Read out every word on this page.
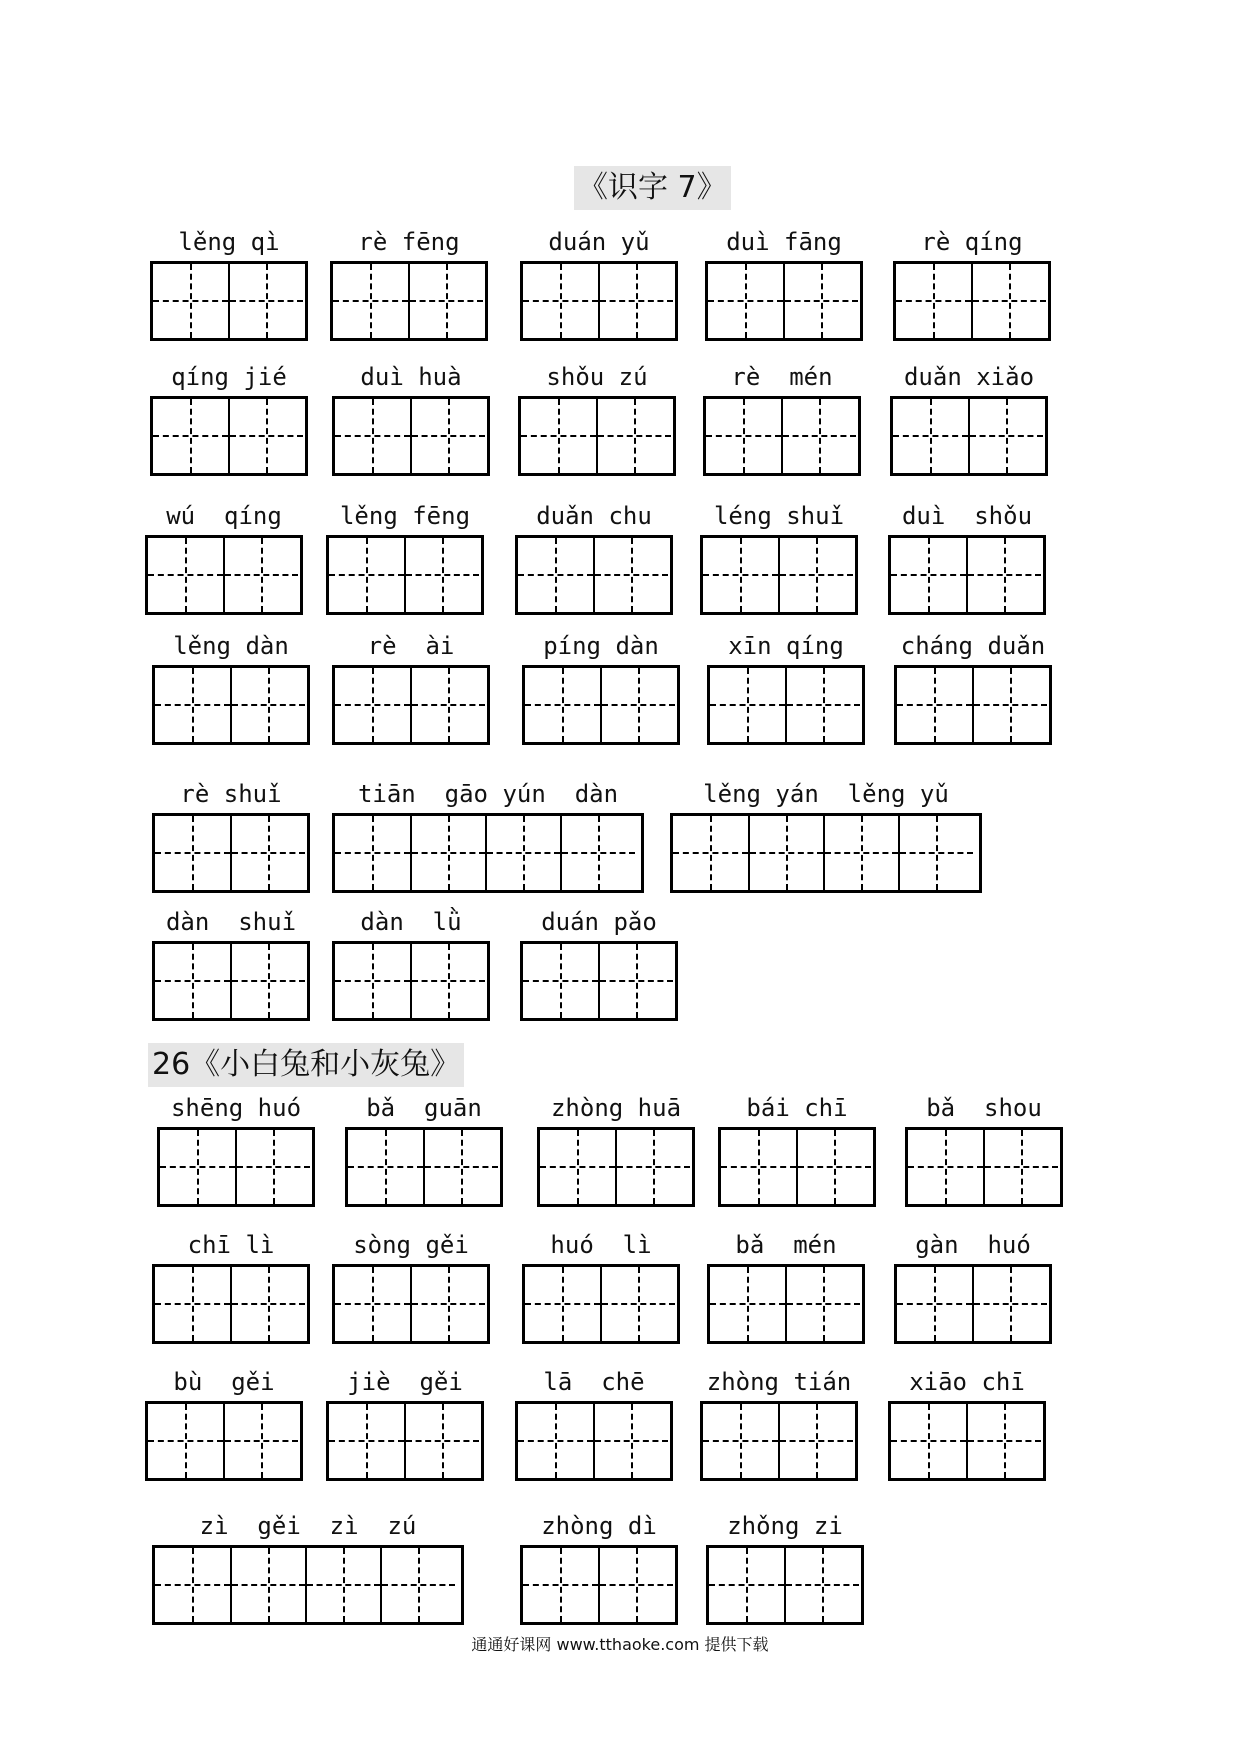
《识字 7》
26《小白兔和小灰兔》
lěng qì	rè fēng	duán yǔ	duì fāng	rè qíng
qíng jié	duì huà	shǒu zú	rè  mén	duǎn xiǎo
wú  qíng	lěng fēng	duǎn chu	léng shuǐ	duì  shǒu
lěng dàn	rè  ài	píng dàn	xīn qíng	cháng duǎn
rè shuǐ	tiān  gāo yún  dàn	lěng yán  lěng yǔ
dàn  shuǐ	dàn  lǜ	duán pǎo
shēng huó	bǎ  guān	zhòng huā	bái chī	bǎ  shou
chī lì	sòng gěi	huó  lì	bǎ  mén	gàn  huó
bù  gěi	jiè  gěi	lā  chē	zhòng tián	xiāo chī
zì  gěi  zì  zú	zhòng dì	zhǒng zi
通通好课网 www.tthaoke.com 提供下载
